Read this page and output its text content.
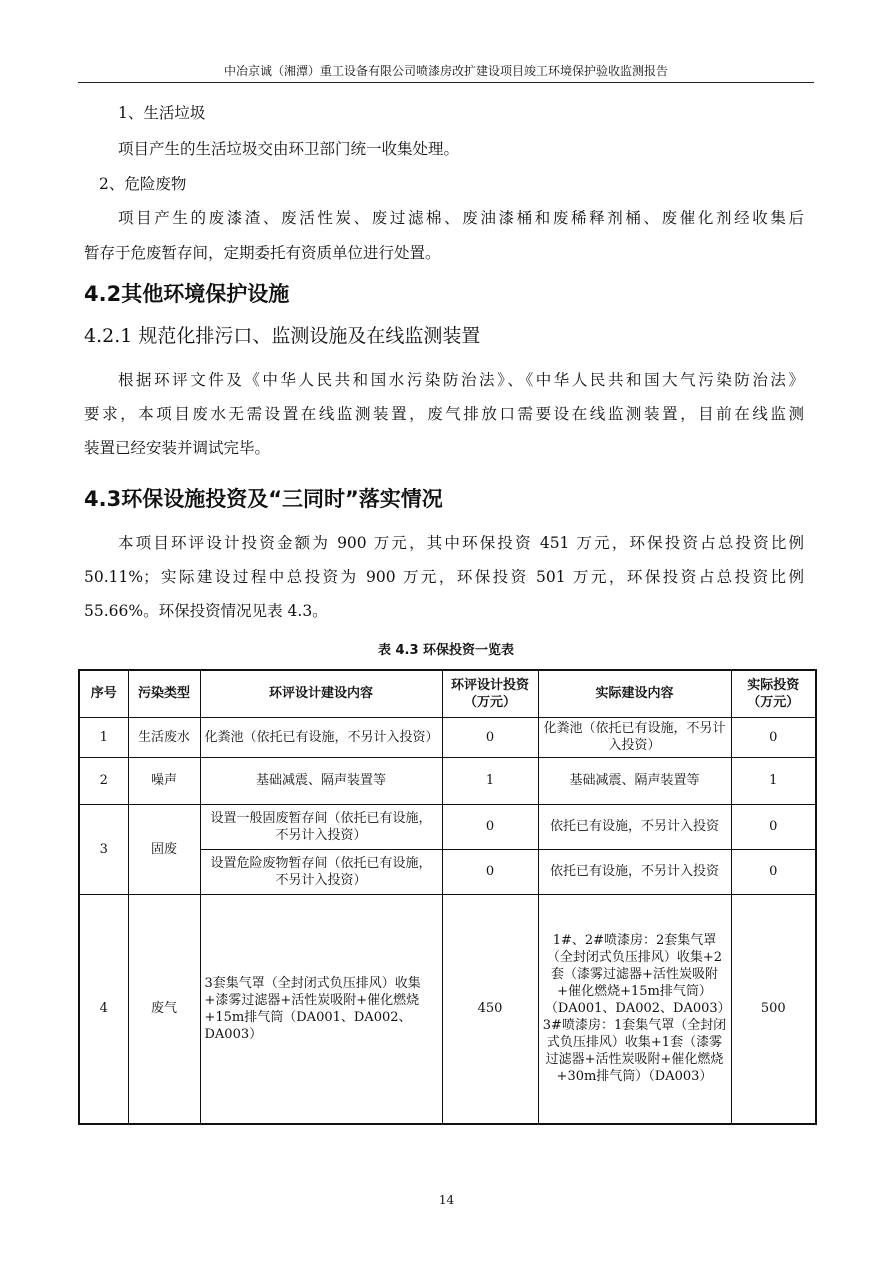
中冶京诚（湘潭）重工设备有限公司喷漆房改扩建设项目竣工环境保护验收监测报告
1、生活垃圾
项目产生的生活垃圾交由环卫部门统一收集处理。
2、危险废物
项目产生的废漆渣、废活性炭、废过滤棉、废油漆桶和废稀释剂桶、废催化剂经收集后
暂存于危废暂存间，定期委托有资质单位进行处置。
4.2其他环境保护设施
4.2.1 规范化排污口、监测设施及在线监测装置
根据环评文件及《中华人民共和国水污染防治法》、《中华人民共和国大气污染防治法》
要求，本项目废水无需设置在线监测装置，废气排放口需要设在线监测装置，目前在线监测
装置已经安装并调试完毕。
4.3环保设施投资及“三同时”落实情况
本项目环评设计投资金额为 900 万元，其中环保投资 451 万元，环保投资占总投资比例
50.11%；实际建设过程中总投资为 900 万元，环保投资 501 万元，环保投资占总投资比例
55.66%。环保投资情况见表 4.3。
表 4.3 环保投资一览表
序号	污染类型	环评设计建设内容	环评设计投资（万元）	实际建设内容	实际投资（万元）
1	生活废水	化粪池（依托已有设施，不另计入投资）	0	化粪池（依托已有设施，不另计入投资）	0
2	噪声	基础减震、隔声装置等	1	基础减震、隔声装置等	1
3	固废	设置一般固废暂存间（依托已有设施，不另计入投资）	0	依托已有设施，不另计入投资	0
		设置危险废物暂存间（依托已有设施，不另计入投资）	0	依托已有设施，不另计入投资	0
4	废气	3套集气罩（全封闭式负压排风）收集+漆雾过滤器+活性炭吸附+催化燃烧+15m排气筒（DA001、DA002、DA003）	450	1#、2#喷漆房：2套集气罩（全封闭式负压排风）收集+2套（漆雾过滤器+活性炭吸附+催化燃烧+15m排气筒）（DA001、DA002、DA003）3#喷漆房：1套集气罩（全封闭式负压排风）收集+1套（漆雾过滤器+活性炭吸附+催化燃烧+30m排气筒）（DA003）	500
14
